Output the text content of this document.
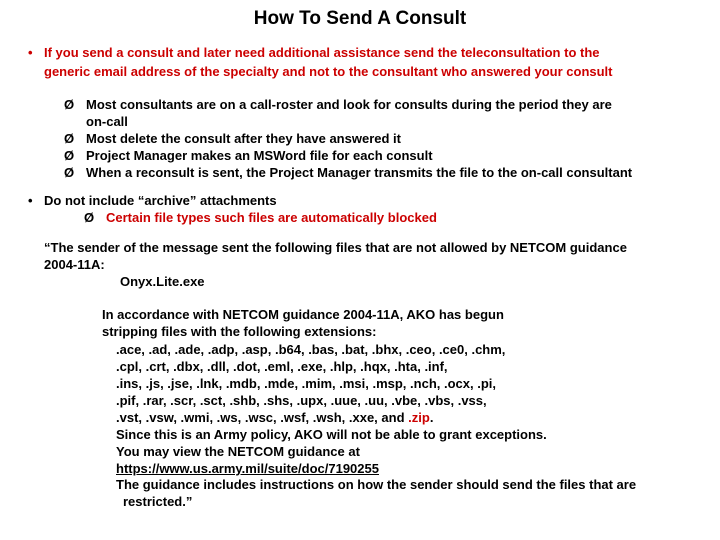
How To Send A Consult
• If you send a consult and later need additional assistance send the teleconsultation to the
generic email address of the specialty and not to the consultant who answered your consult
Ø Most consultants are on a call-roster and look for consults during the period they are
on-call
Ø Most delete the consult after they have answered it
Ø Project Manager makes an MSWord file for each consult
Ø When a reconsult is sent, the Project Manager transmits the file to the on-call consultant
• Do not include “archive” attachments
Ø Certain file types such files are automatically blocked
“The sender of the message sent the following files that are not allowed by NETCOM guidance
2004-11A:
Onyx.Lite.exe
In accordance with NETCOM guidance 2004-11A, AKO has begun
stripping files with the following extensions:
.ace, .ad, .ade, .adp, .asp, .b64, .bas, .bat, .bhx, .ceo, .ce0, .chm,
.cpl, .crt, .dbx, .dll, .dot, .eml, .exe, .hlp, .hqx, .hta, .inf,
.ins, .js, .jse, .lnk, .mdb, .mde, .mim, .msi, .msp, .nch, .ocx, .pi,
.pif, .rar, .scr, .sct, .shb, .shs, .upx, .uue, .uu, .vbe, .vbs, .vss,
.vst, .vsw, .wmi, .ws, .wsc, .wsf, .wsh, .xxe, and .zip.
Since this is an Army policy, AKO will not be able to grant exceptions.
You may view the NETCOM guidance at
https://www.us.army.mil/suite/doc/7190255
The guidance includes instructions on how the sender should send the files that are
restricted.”
